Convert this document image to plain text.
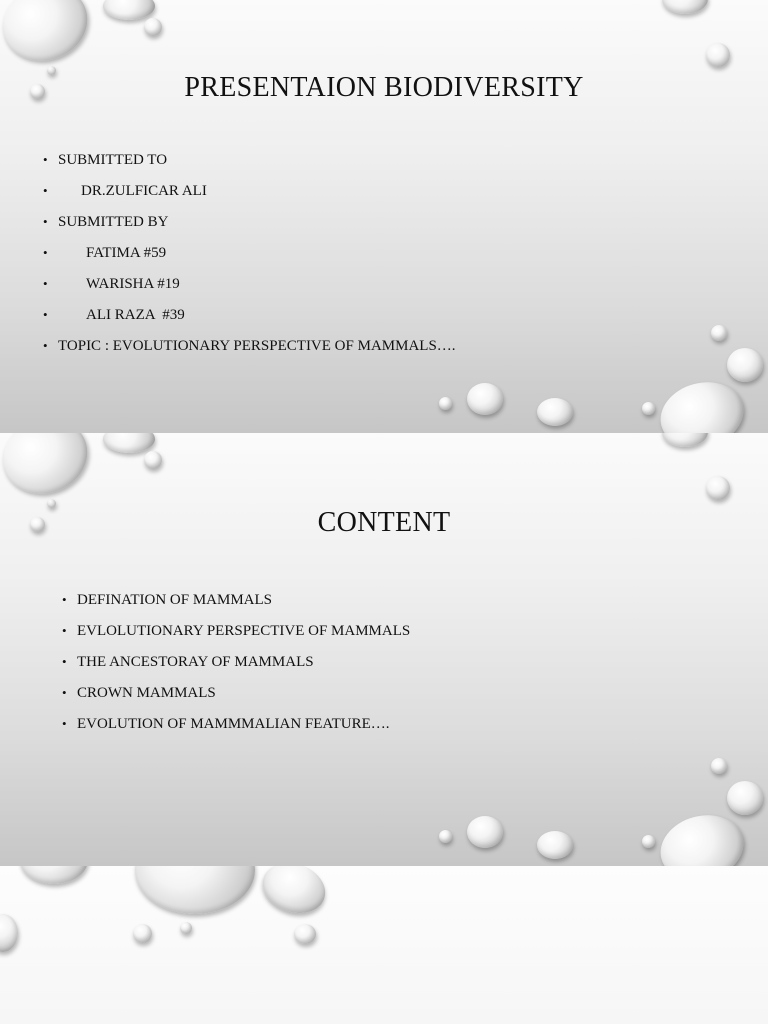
PRESENTAION BIODIVERSITY
SUBMITTED TO
DR.ZULFICAR ALI
SUBMITTED BY
FATIMA #59
WARISHA #19
ALI RAZA  #39
TOPIC : EVOLUTIONARY PERSPECTIVE OF MAMMALS….
CONTENT
DEFINATION OF MAMMALS
EVLOLUTIONARY PERSPECTIVE OF MAMMALS
THE ANCESTORAY OF MAMMALS
CROWN MAMMALS
EVOLUTION OF MAMMMALIAN FEATURE….
